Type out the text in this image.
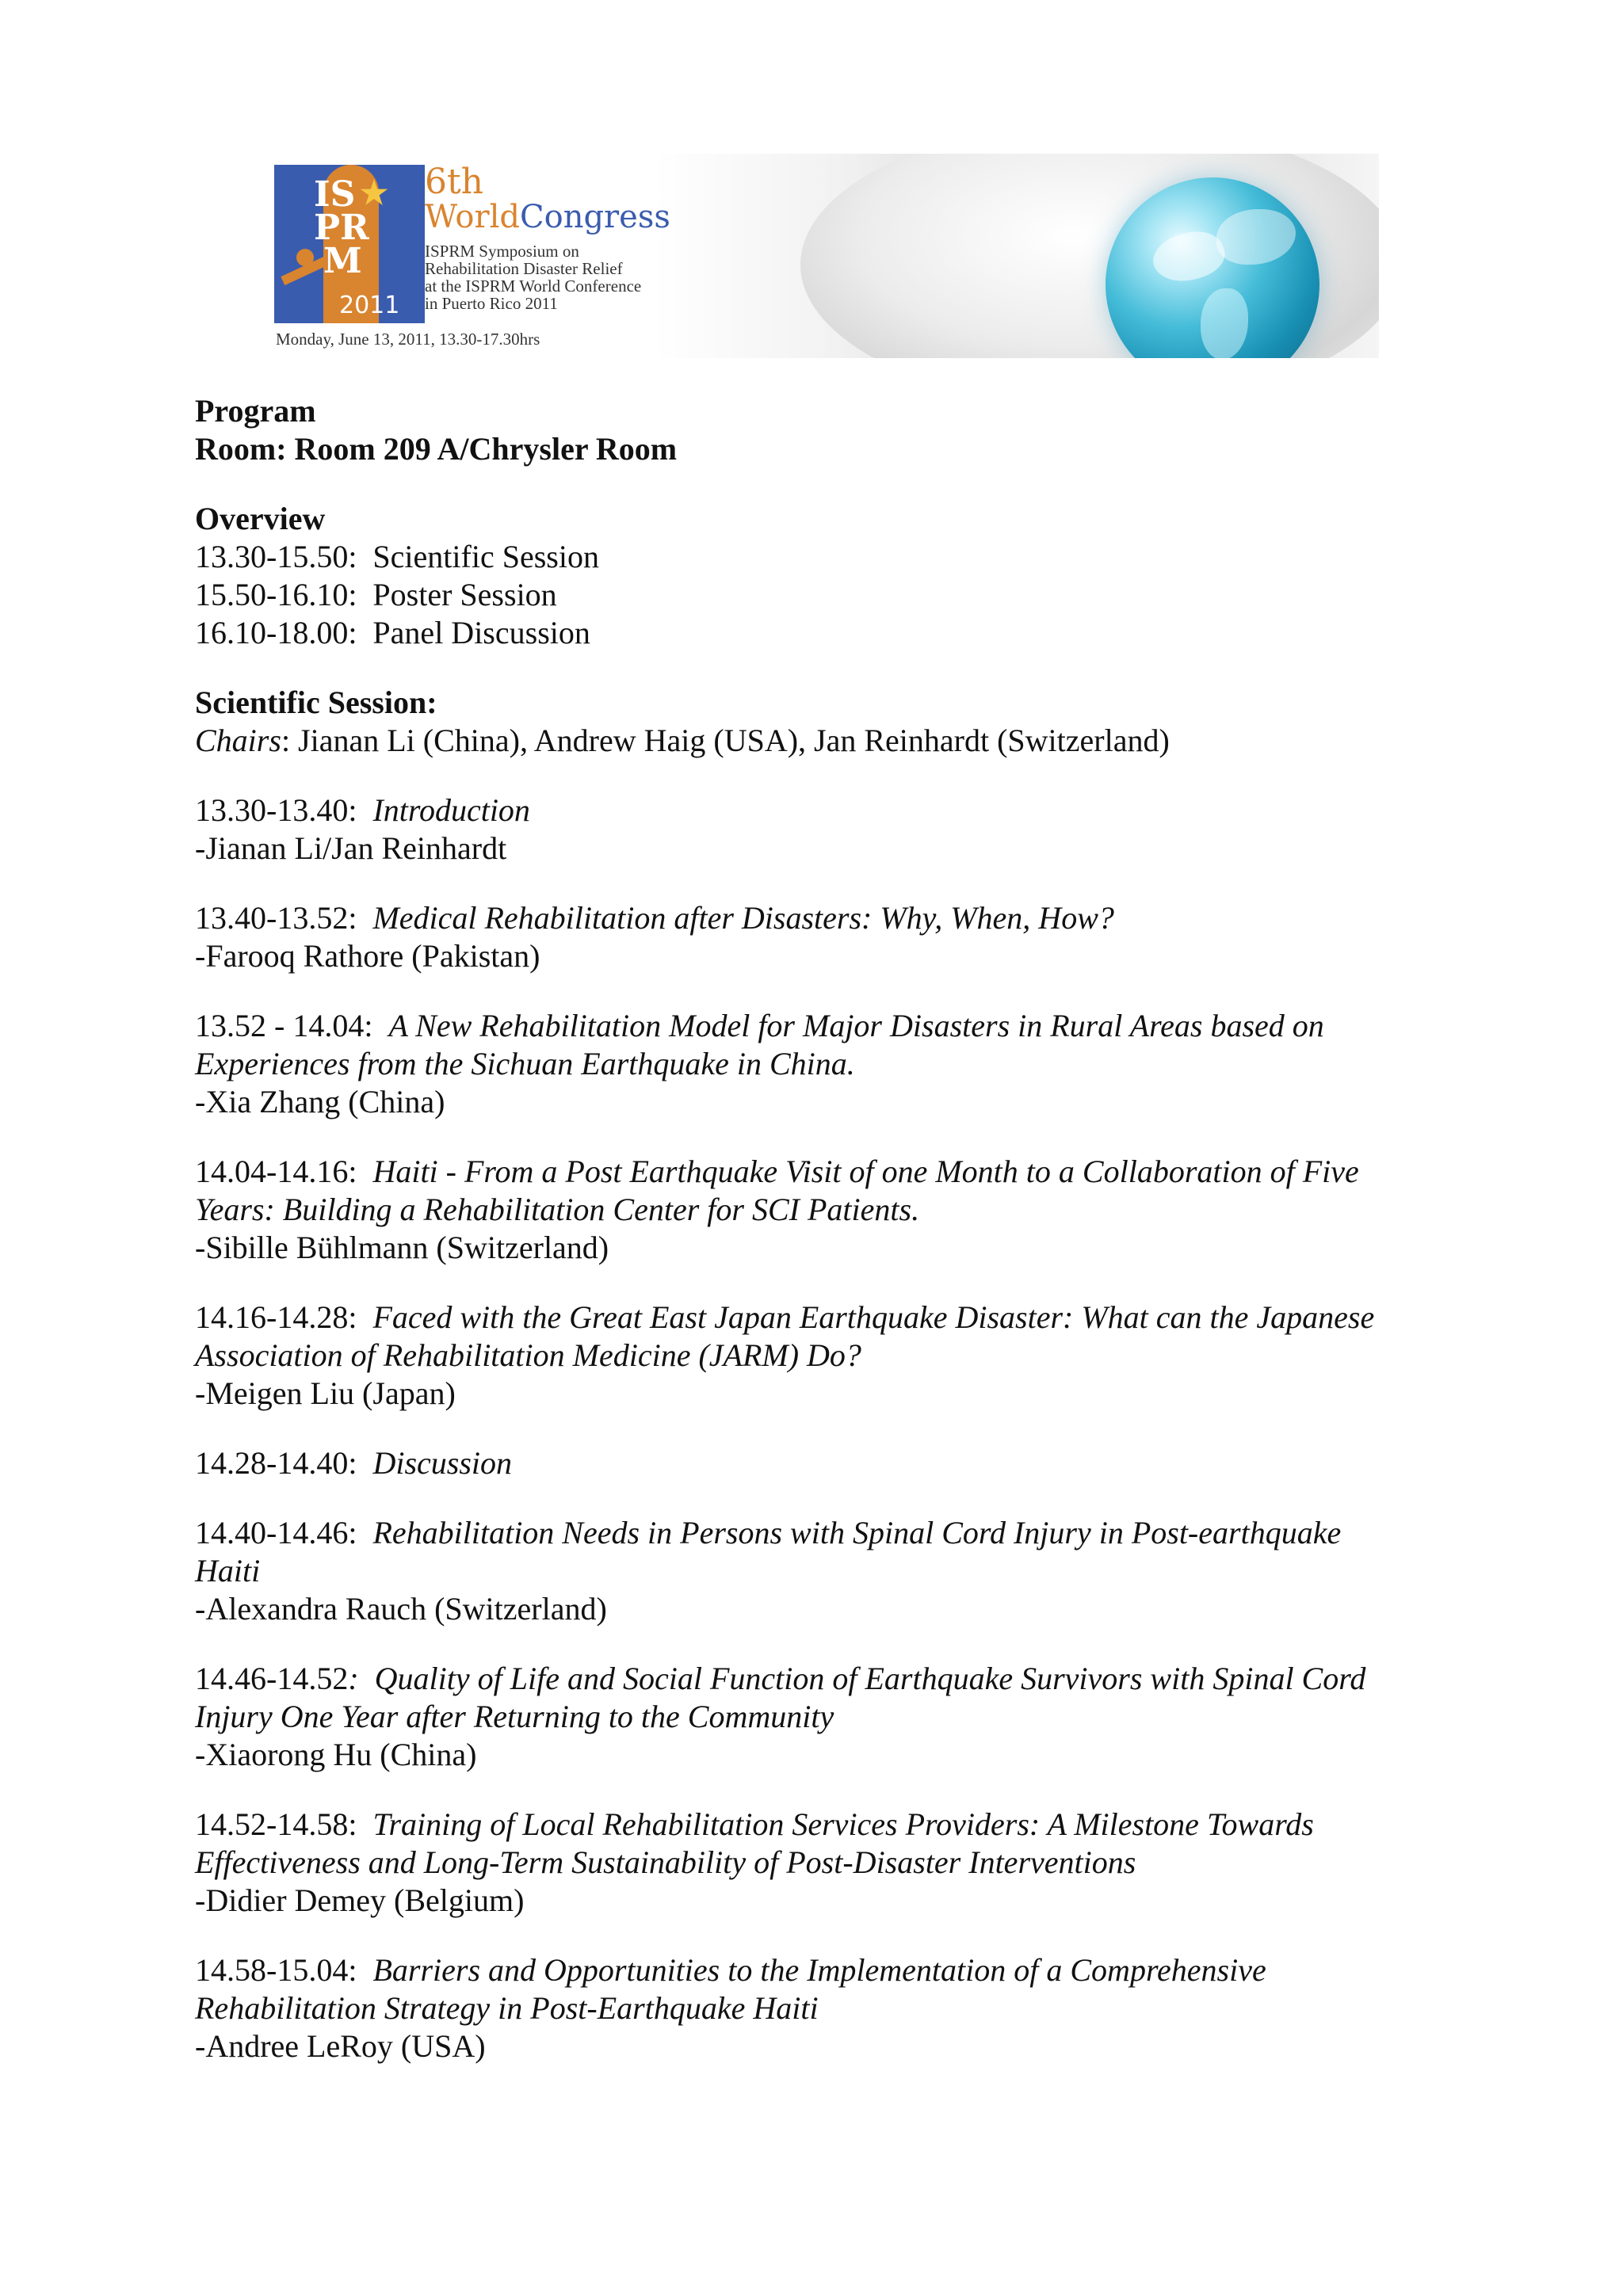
IS ★
PR
M
2011
6th
WorldCongress
ISPRM Symposium on
Rehabilitation Disaster Relief
at the ISPRM World Conference
in Puerto Rico 2011
Monday, June 13, 2011, 13.30-17.30hrs

Program

Room: Room 209 A/Chrysler Room

Overview

13.30-15.50:  Scientific Session

15.50-16.10:  Poster Session

16.10-18.00:  Panel Discussion

Scientific Session:

Chairs: Jianan Li (China), Andrew Haig (USA), Jan Reinhardt (Switzerland)

13.30-13.40:  Introduction

-Jianan Li/Jan Reinhardt

13.40-13.52:  Medical Rehabilitation after Disasters: Why, When, How?

-Farooq Rathore (Pakistan)

13.52 - 14.04:  A New Rehabilitation Model for Major Disasters in Rural Areas based on

Experiences from the Sichuan Earthquake in China.

-Xia Zhang (China)

14.04-14.16:  Haiti - From a Post Earthquake Visit of one Month to a Collaboration of Five

Years: Building a Rehabilitation Center for SCI Patients.

-Sibille Bühlmann (Switzerland)

14.16-14.28:  Faced with the Great East Japan Earthquake Disaster: What can the Japanese

Association of Rehabilitation Medicine (JARM) Do?

-Meigen Liu (Japan)

14.28-14.40:  Discussion

14.40-14.46:  Rehabilitation Needs in Persons with Spinal Cord Injury in Post-earthquake

Haiti

-Alexandra Rauch (Switzerland)

14.46-14.52:  Quality of Life and Social Function of Earthquake Survivors with Spinal Cord

Injury One Year after Returning to the Community

-Xiaorong Hu (China)

14.52-14.58:  Training of Local Rehabilitation Services Providers: A Milestone Towards

Effectiveness and Long-Term Sustainability of Post-Disaster Interventions

-Didier Demey (Belgium)

14.58-15.04:  Barriers and Opportunities to the Implementation of a Comprehensive

Rehabilitation Strategy in Post-Earthquake Haiti

-Andree LeRoy (USA)
